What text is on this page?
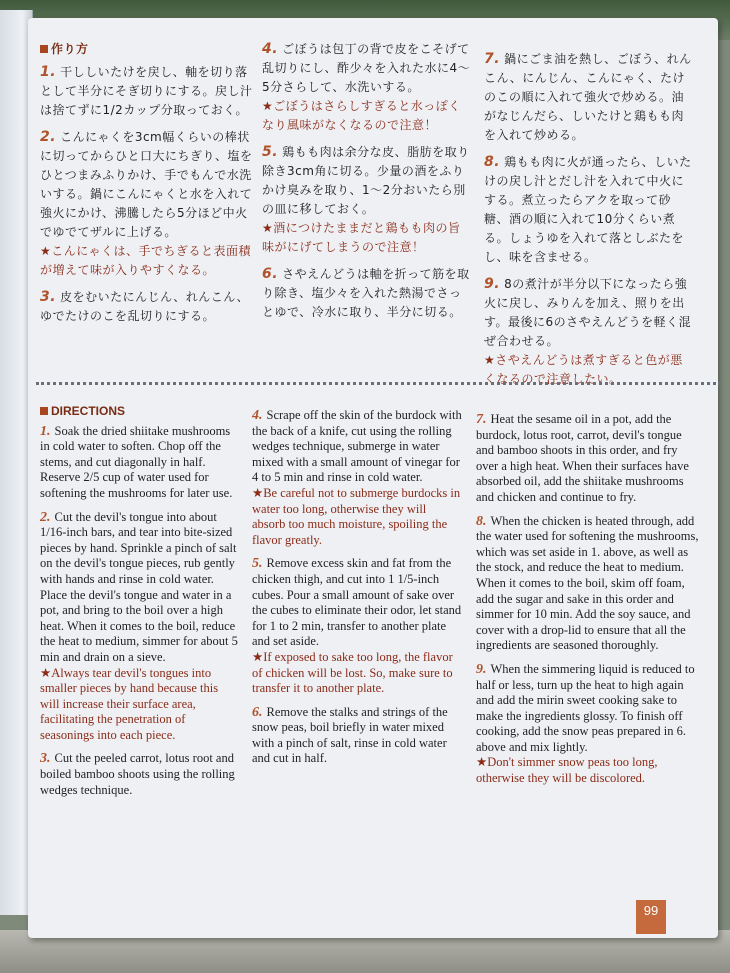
作り方
1. 干ししいたけを戻し、軸を切り落として半分にそぎ切りにする。戻し汁は捨てずに1/2カップ分取っておく。
2. こんにゃくを3cm幅くらいの棒状に切ってからひと口大にちぎり、塩をひとつまみふりかけ、手でもんで水洗いする。鍋にこんにゃくと水を入れて強火にかけ、沸騰したら5分ほど中火でゆでてザルに上げる。
★こんにゃくは、手でちぎると表面積が増えて味が入りやすくなる。
3. 皮をむいたにんじん、れんこん、ゆでたけのこを乱切りにする。
4. ごぼうは包丁の背で皮をこそげて乱切りにし、酢少々を入れた水に4〜5分さらして、水洗いする。
★ごぼうはさらしすぎると水っぽくなり風味がなくなるので注意！
5. 鶏もも肉は余分な皮、脂肪を取り除き3cm角に切る。少量の酒をふりかけ臭みを取り、1〜2分おいたら別の皿に移しておく。
★酒につけたままだと鶏もも肉の旨味がにげてしまうので注意！
6. さやえんどうは軸を折って筋を取り除き、塩少々を入れた熱湯でさっとゆで、冷水に取り、半分に切る。
7. 鍋にごま油を熱し、ごぼう、れんこん、にんじん、こんにゃく、たけのこの順に入れて強火で炒める。油がなじんだら、しいたけと鶏もも肉を入れて炒める。
8. 鶏もも肉に火が通ったら、しいたけの戻し汁とだし汁を入れて中火にする。煮立ったらアクを取って砂糖、酒の順に入れて10分くらい煮る。しょうゆを入れて落としぶたをし、味を含ませる。
9. 8の煮汁が半分以下になったら強火に戻し、みりんを加え、照りを出す。最後に6のさやえんどうを軽く混ぜ合わせる。
★さやえんどうは煮すぎると色が悪くなるので注意したい。
DIRECTIONS
1. Soak the dried shiitake mushrooms in cold water to soften. Chop off the stems, and cut diagonally in half. Reserve 2/5 cup of water used for softening the mushrooms for later use.
2. Cut the devil's tongue into about 1/16-inch bars, and tear into bite-sized pieces by hand. Sprinkle a pinch of salt on the devil's tongue pieces, rub gently with hands and rinse in cold water. Place the devil's tongue and water in a pot, and bring to the boil over a high heat. When it comes to the boil, reduce the heat to medium, simmer for about 5 min and drain on a sieve.
★Always tear devil's tongues into smaller pieces by hand because this will increase their surface area, facilitating the penetration of seasonings into each piece.
3. Cut the peeled carrot, lotus root and boiled bamboo shoots using the rolling wedges technique.
4. Scrape off the skin of the burdock with the back of a knife, cut using the rolling wedges technique, submerge in water mixed with a small amount of vinegar for 4 to 5 min and rinse in cold water.
★Be careful not to submerge burdocks in water too long, otherwise they will absorb too much moisture, spoiling the flavor greatly.
5. Remove excess skin and fat from the chicken thigh, and cut into 1 1/5-inch cubes. Pour a small amount of sake over the cubes to eliminate their odor, let stand for 1 to 2 min, transfer to another plate and set aside.
★If exposed to sake too long, the flavor of chicken will be lost. So, make sure to transfer it to another plate.
6. Remove the stalks and strings of the snow peas, boil briefly in water mixed with a pinch of salt, rinse in cold water and cut in half.
7. Heat the sesame oil in a pot, add the burdock, lotus root, carrot, devil's tongue and bamboo shoots in this order, and fry over a high heat. When their surfaces have absorbed oil, add the shiitake mushrooms and chicken and continue to fry.
8. When the chicken is heated through, add the water used for softening the mushrooms, which was set aside in 1. above, as well as the stock, and reduce the heat to medium. When it comes to the boil, skim off foam, add the sugar and sake in this order and simmer for 10 min. Add the soy sauce, and cover with a drop-lid to ensure that all the ingredients are seasoned thoroughly.
9. When the simmering liquid is reduced to half or less, turn up the heat to high again and add the mirin sweet cooking sake to make the ingredients glossy. To finish off cooking, add the snow peas prepared in 6. above and mix lightly.
★Don't simmer snow peas too long, otherwise they will be discolored.
99
